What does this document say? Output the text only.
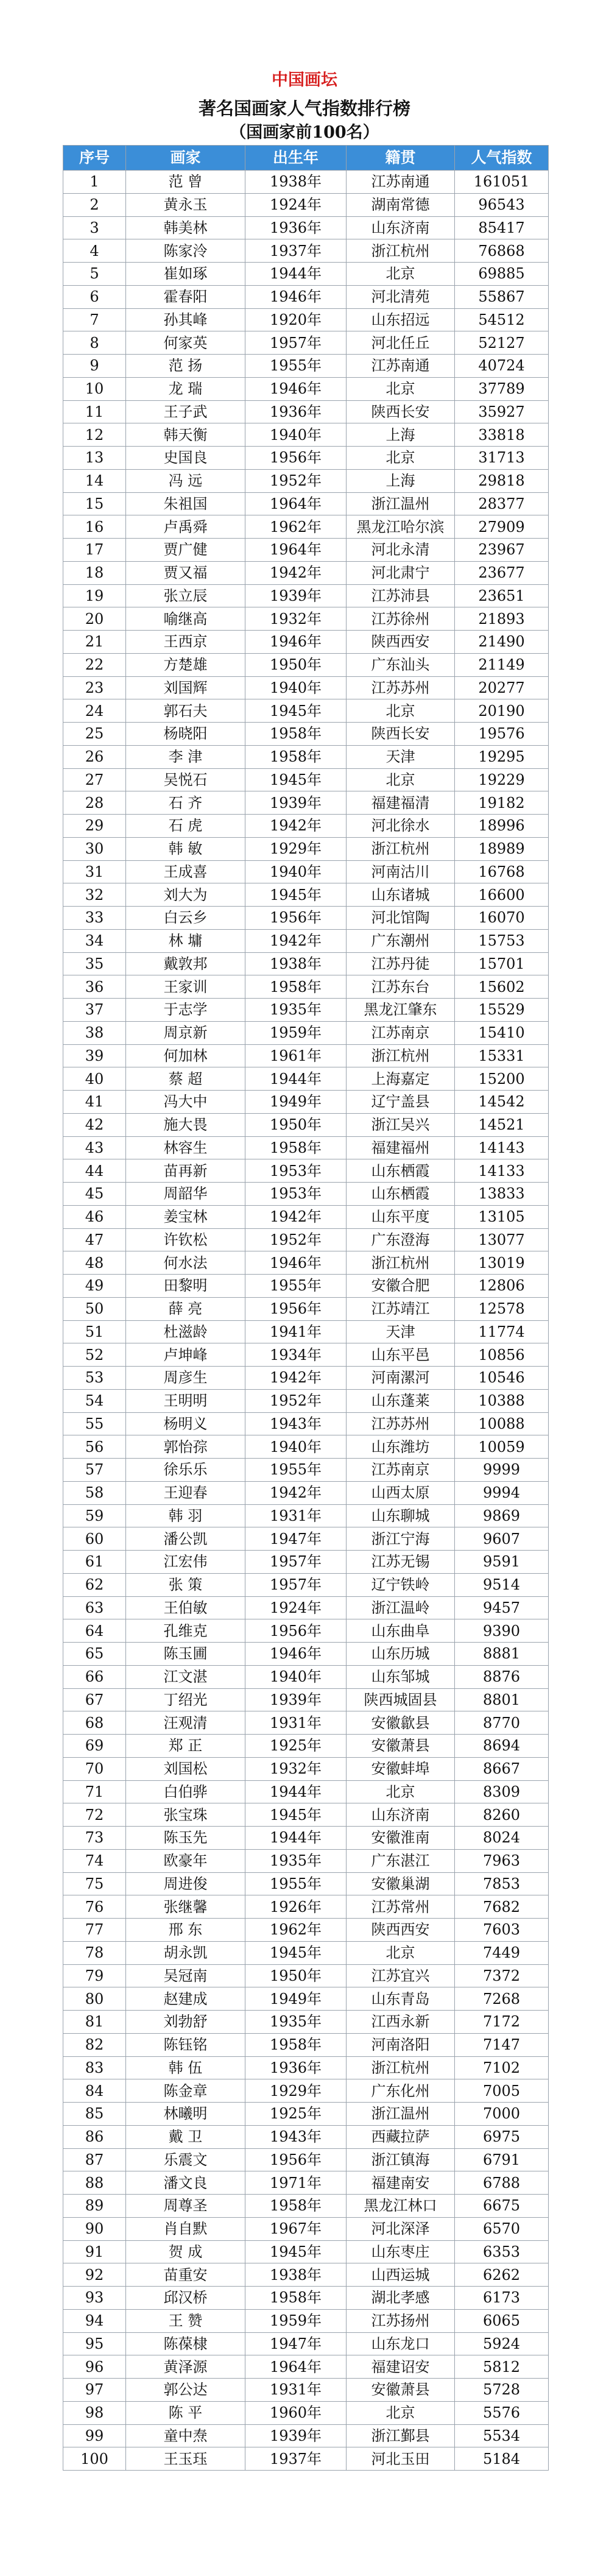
中国画坛
著名国画家人气指数排行榜
（国画家前100名）
序号	画家	出生年	籍贯	人气指数
1	范 曾	1938年	江苏南通	161051
2	黄永玉	1924年	湖南常德	96543
3	韩美林	1936年	山东济南	85417
4	陈家泠	1937年	浙江杭州	76868
5	崔如琢	1944年	北京	69885
6	霍春阳	1946年	河北清苑	55867
7	孙其峰	1920年	山东招远	54512
8	何家英	1957年	河北任丘	52127
9	范 扬	1955年	江苏南通	40724
10	龙 瑞	1946年	北京	37789
11	王子武	1936年	陕西长安	35927
12	韩天衡	1940年	上海	33818
13	史国良	1956年	北京	31713
14	冯 远	1952年	上海	29818
15	朱祖国	1964年	浙江温州	28377
16	卢禹舜	1962年	黑龙江哈尔滨	27909
17	贾广健	1964年	河北永清	23967
18	贾又福	1942年	河北肃宁	23677
19	张立辰	1939年	江苏沛县	23651
20	喻继高	1932年	江苏徐州	21893
21	王西京	1946年	陕西西安	21490
22	方楚雄	1950年	广东汕头	21149
23	刘国辉	1940年	江苏苏州	20277
24	郭石夫	1945年	北京	20190
25	杨晓阳	1958年	陕西长安	19576
26	李 津	1958年	天津	19295
27	吴悦石	1945年	北京	19229
28	石 齐	1939年	福建福清	19182
29	石 虎	1942年	河北徐水	18996
30	韩 敏	1929年	浙江杭州	18989
31	王成喜	1940年	河南沽川	16768
32	刘大为	1945年	山东诸城	16600
33	白云乡	1956年	河北馆陶	16070
34	林 墉	1942年	广东潮州	15753
35	戴敦邦	1938年	江苏丹徒	15701
36	王家训	1958年	江苏东台	15602
37	于志学	1935年	黑龙江肇东	15529
38	周京新	1959年	江苏南京	15410
39	何加林	1961年	浙江杭州	15331
40	蔡 超	1944年	上海嘉定	15200
41	冯大中	1949年	辽宁盖县	14542
42	施大畏	1950年	浙江吴兴	14521
43	林容生	1958年	福建福州	14143
44	苗再新	1953年	山东栖霞	14133
45	周韶华	1953年	山东栖霞	13833
46	姜宝林	1942年	山东平度	13105
47	许钦松	1952年	广东澄海	13077
48	何水法	1946年	浙江杭州	13019
49	田黎明	1955年	安徽合肥	12806
50	薛 亮	1956年	江苏靖江	12578
51	杜滋龄	1941年	天津	11774
52	卢坤峰	1934年	山东平邑	10856
53	周彦生	1942年	河南漯河	10546
54	王明明	1952年	山东蓬莱	10388
55	杨明义	1943年	江苏苏州	10088
56	郭怡孮	1940年	山东潍坊	10059
57	徐乐乐	1955年	江苏南京	9999
58	王迎春	1942年	山西太原	9994
59	韩 羽	1931年	山东聊城	9869
60	潘公凯	1947年	浙江宁海	9607
61	江宏伟	1957年	江苏无锡	9591
62	张 策	1957年	辽宁铁岭	9514
63	王伯敏	1924年	浙江温岭	9457
64	孔维克	1956年	山东曲阜	9390
65	陈玉圃	1946年	山东历城	8881
66	江文湛	1940年	山东邹城	8876
67	丁绍光	1939年	陕西城固县	8801
68	汪观清	1931年	安徽歙县	8770
69	郑 正	1925年	安徽萧县	8694
70	刘国松	1932年	安徽蚌埠	8667
71	白伯骅	1944年	北京	8309
72	张宝珠	1945年	山东济南	8260
73	陈玉先	1944年	安徽淮南	8024
74	欧豪年	1935年	广东湛江	7963
75	周进俊	1955年	安徽巢湖	7853
76	张继馨	1926年	江苏常州	7682
77	邢 东	1962年	陕西西安	7603
78	胡永凯	1945年	北京	7449
79	吴冠南	1950年	江苏宜兴	7372
80	赵建成	1949年	山东青岛	7268
81	刘勃舒	1935年	江西永新	7172
82	陈钰铭	1958年	河南洛阳	7147
83	韩 伍	1936年	浙江杭州	7102
84	陈金章	1929年	广东化州	7005
85	林曦明	1925年	浙江温州	7000
86	戴 卫	1943年	西藏拉萨	6975
87	乐震文	1956年	浙江镇海	6791
88	潘文良	1971年	福建南安	6788
89	周尊圣	1958年	黑龙江林口	6675
90	肖自默	1967年	河北深泽	6570
91	贺 成	1945年	山东枣庄	6353
92	苗重安	1938年	山西运城	6262
93	邱汉桥	1958年	湖北孝感	6173
94	王 赞	1959年	江苏扬州	6065
95	陈葆棣	1947年	山东龙口	5924
96	黄泽源	1964年	福建诏安	5812
97	郭公达	1931年	安徽萧县	5728
98	陈 平	1960年	北京	5576
99	童中焘	1939年	浙江鄞县	5534
100	王玉珏	1937年	河北玉田	5184
